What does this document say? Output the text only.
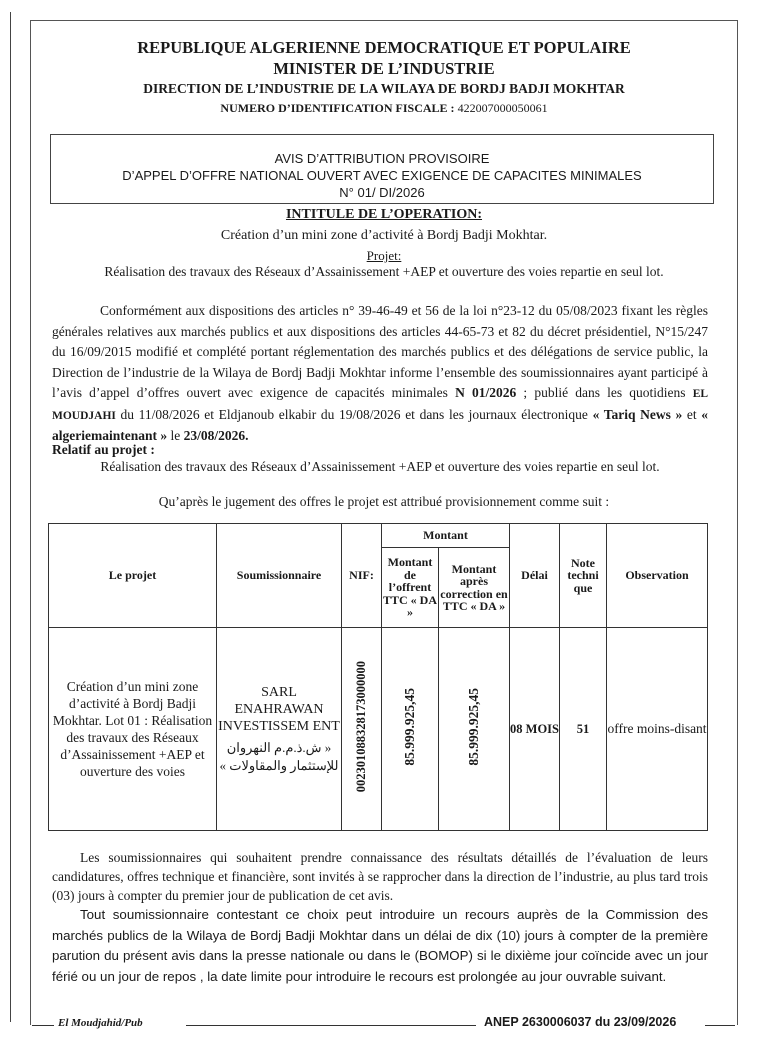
REPUBLIQUE ALGERIENNE DEMOCRATIQUE ET POPULAIRE
MINISTER DE L’INDUSTRIE
DIRECTION DE L’INDUSTRIE DE LA WILAYA DE BORDJ BADJI MOKHTAR
NUMERO D’IDENTIFICATION FISCALE : 422007000050061
AVIS D’ATTRIBUTION PROVISOIRE
D’APPEL D’OFFRE NATIONAL OUVERT AVEC EXIGENCE DE CAPACITES MINIMALES
N° 01/ DI/2026
INTITULE DE L’OPERATION:
Création d’un mini zone d’activité à Bordj Badji Mokhtar.
Projet:
Réalisation des travaux des Réseaux d’Assainissement +AEP et ouverture des voies repartie en seul lot.
Conformément aux dispositions des articles n° 39-46-49 et 56 de la loi n°23-12 du 05/08/2023 fixant les règles générales relatives aux marchés publics et aux dispositions des articles 44-65-73 et 82 du décret présidentiel, N°15/247 du 16/09/2015 modifié et complété portant réglementation des marchés publics et des délégations de service public, la Direction de l’industrie de la Wilaya de Bordj Badji Mokhtar informe l’ensemble des soumissionnaires ayant participé à l’avis d’appel d’offres ouvert avec exigence de capacités minimales N 01/2026 ; publié dans les quotidiens EL MOUDJAHI du 11/08/2026 et Eldjanoub elkabir du 19/08/2026 et dans les journaux électronique « Tariq News » et « algeriemaintenant » le 23/08/2026.
Relatif au projet :
Réalisation des travaux des Réseaux d’Assainissement +AEP et ouverture des voies repartie en seul lot.
Qu’après le jugement des offres le projet est attribué provisionnement comme suit :
Le projet	Soumissionnaire	NIF:	Montant		Délai	Note techni que	Observation
			Montant de l’offrent TTC « DA »	Montant après correction en TTC « DA »			
Création d’un mini zone d’activité à Bordj Badji Mokhtar. Lot 01 : Réalisation des travaux des Réseaux d’Assainissement +AEP et ouverture des voies	SARL ENAHRAWAN INVESTISSEM ENT
« ش.ذ.م.م النهروان للإستثمار والمقاولات »	002301088328173000000	85.999.925,45	85.999.925,45	08 MOIS	51	offre moins-disant
Les soumissionnaires qui souhaitent prendre connaissance des résultats détaillés de l’évaluation de leurs candidatures, offres technique et financière, sont invités à se rapprocher dans la direction de l’industrie, au plus tard trois (03) jours à compter du premier jour de publication de cet avis.
Tout soumissionnaire contestant ce choix peut introduire un recours auprès de la Commission des marchés publics de la Wilaya de Bordj Badji Mokhtar dans un délai de dix (10) jours à compter de la première parution du présent avis dans la presse nationale ou dans le (BOMOP) si le dixième jour coïncide avec un jour férié ou un jour de repos , la date limite pour introduire le recours est prolongée au jour ouvrable suivant.
El Moudjahid/Pub	ANEP 2630006037 du 23/09/2026
